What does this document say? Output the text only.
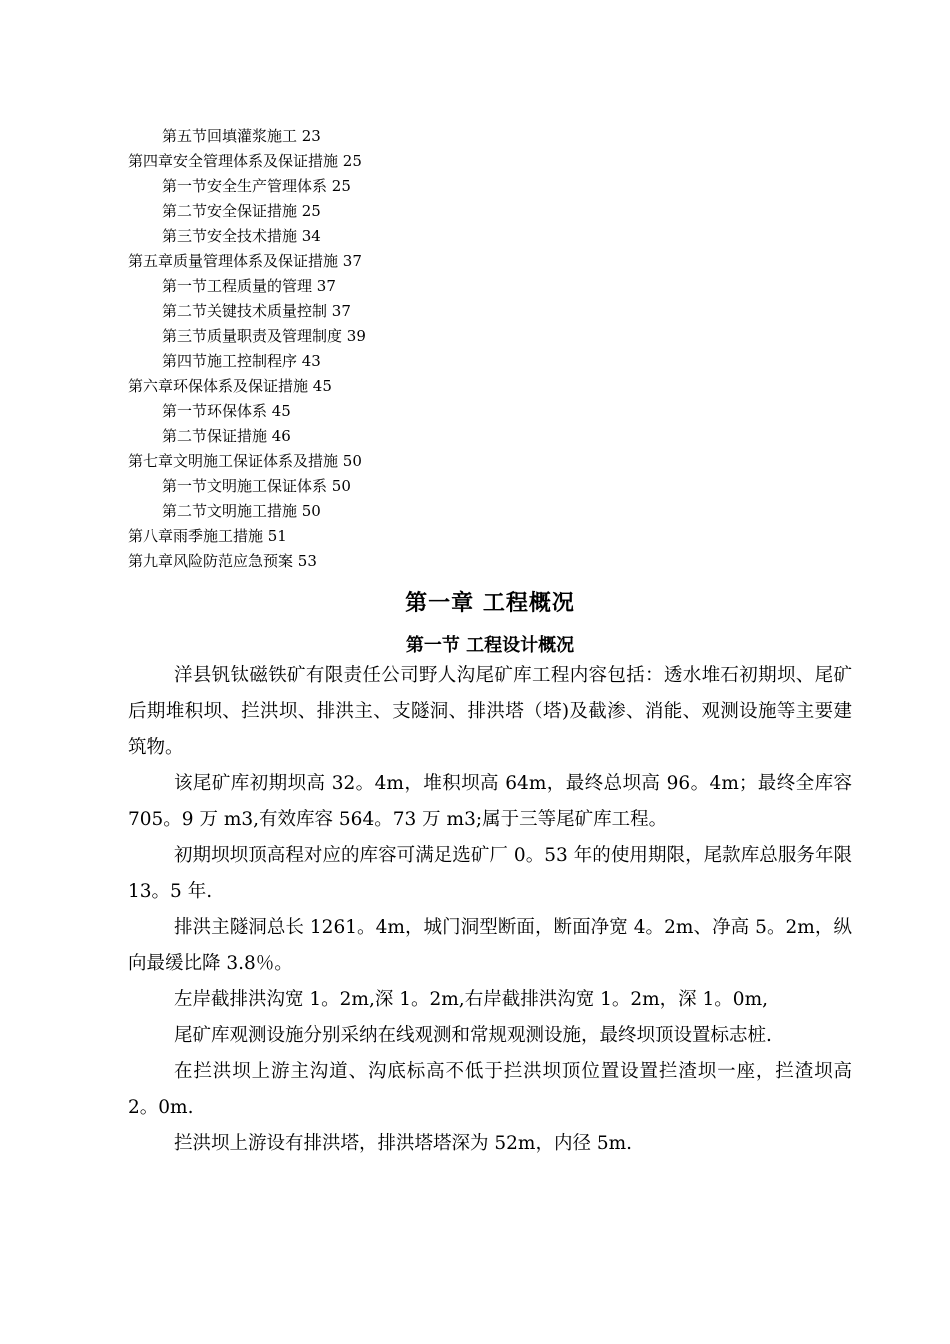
第五节回填灌浆施工 23
第四章安全管理体系及保证措施 25
第一节安全生产管理体系 25
第二节安全保证措施 25
第三节安全技术措施 34
第五章质量管理体系及保证措施 37
第一节工程质量的管理 37
第二节关键技术质量控制 37
第三节质量职责及管理制度 39
第四节施工控制程序 43
第六章环保体系及保证措施 45
第一节环保体系 45
第二节保证措施 46
第七章文明施工保证体系及措施 50
第一节文明施工保证体系 50
第二节文明施工措施 50
第八章雨季施工措施 51
第九章风险防范应急预案 53
第一章 工程概况
第一节 工程设计概况

洋县钒钛磁铁矿有限责任公司野人沟尾矿库工程内容包括：透水堆石初期坝、尾矿后期堆积坝、拦洪坝、排洪主、支隧洞、排洪塔（塔)及截渗、消能、观测设施等主要建筑物。

该尾矿库初期坝高 32。4m，堆积坝高 64m，最终总坝高 96。4m；最终全库容 705。9 万 m3,有效库容 564。73 万 m3;属于三等尾矿库工程。

初期坝坝顶高程对应的库容可满足选矿厂 0。53 年的使用期限，尾款库总服务年限 13。5 年.

排洪主隧洞总长 1261。4m，城门洞型断面，断面净宽 4。2m、净高 5。2m，纵向最缓比降 3.8％。

左岸截排洪沟宽 1。2m,深 1。2m,右岸截排洪沟宽 1。2m，深 1。0m,

尾矿库观测设施分别采纳在线观测和常规观测设施，最终坝顶设置标志桩.

在拦洪坝上游主沟道、沟底标高不低于拦洪坝顶位置设置拦渣坝一座，拦渣坝高 2。0m.

拦洪坝上游设有排洪塔，排洪塔塔深为 52m，内径 5m.
